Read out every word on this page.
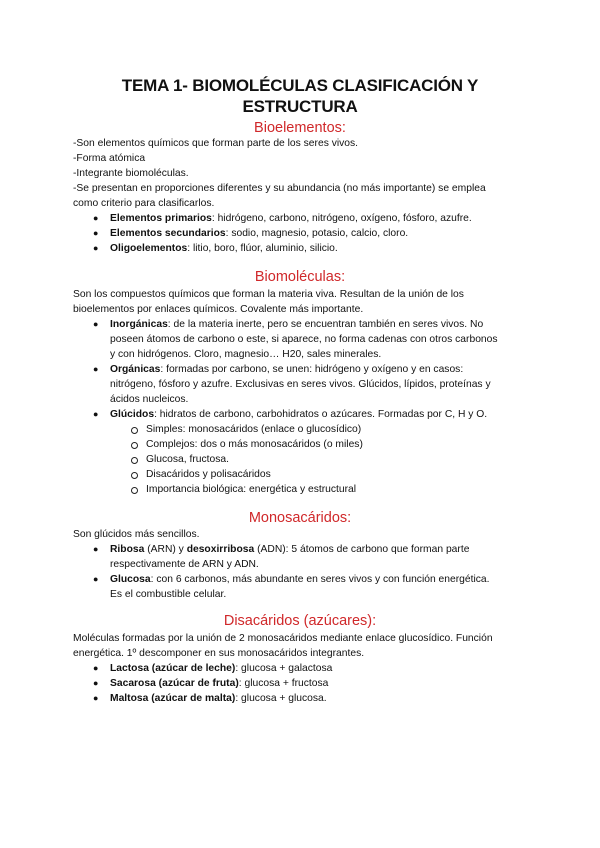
TEMA 1- BIOMOLÉCULAS CLASIFICACIÓN Y
ESTRUCTURA
Bioelementos:
-Son elementos químicos que forman parte de los seres vivos.
-Forma atómica
-Integrante biomoléculas.
-Se presentan en proporciones diferentes y su abundancia (no más importante) se emplea
como criterio para clasificarlos.
● Elementos primarios: hidrógeno, carbono, nitrógeno, oxígeno, fósforo, azufre.
● Elementos secundarios: sodio, magnesio, potasio, calcio, cloro.
● Oligoelementos: litio, boro, flúor, aluminio, silicio.
Biomoléculas:
Son los compuestos químicos que forman la materia viva. Resultan de la unión de los
bioelementos por enlaces químicos. Covalente más importante.
● Inorgánicas: de la materia inerte, pero se encuentran también en seres vivos. No
poseen átomos de carbono o este, si aparece, no forma cadenas con otros carbonos
y con hidrógenos. Cloro, magnesio… H20, sales minerales.
● Orgánicas: formadas por carbono, se unen: hidrógeno y oxígeno y en casos:
nitrógeno, fósforo y azufre. Exclusivas en seres vivos. Glúcidos, lípidos, proteínas y
ácidos nucleicos.
● Glúcidos: hidratos de carbono, carbohidratos o azúcares. Formadas por C, H y O.
Simples: monosacáridos (enlace o glucosídico)
Complejos: dos o más monosacáridos (o miles)
Glucosa, fructosa.
Disacáridos y polisacáridos
Importancia biológica: energética y estructural
Monosacáridos:
Son glúcidos más sencillos.
● Ribosa (ARN) y desoxirribosa (ADN): 5 átomos de carbono que forman parte
respectivamente de ARN y ADN.
● Glucosa: con 6 carbonos, más abundante en seres vivos y con función energética.
Es el combustible celular.
Disacáridos (azúcares):
Moléculas formadas por la unión de 2 monosacáridos mediante enlace glucosídico. Función
energética. 1º descomponer en sus monosacáridos integrantes.
● Lactosa (azúcar de leche): glucosa + galactosa
● Sacarosa (azúcar de fruta): glucosa + fructosa
● Maltosa (azúcar de malta): glucosa + glucosa.
